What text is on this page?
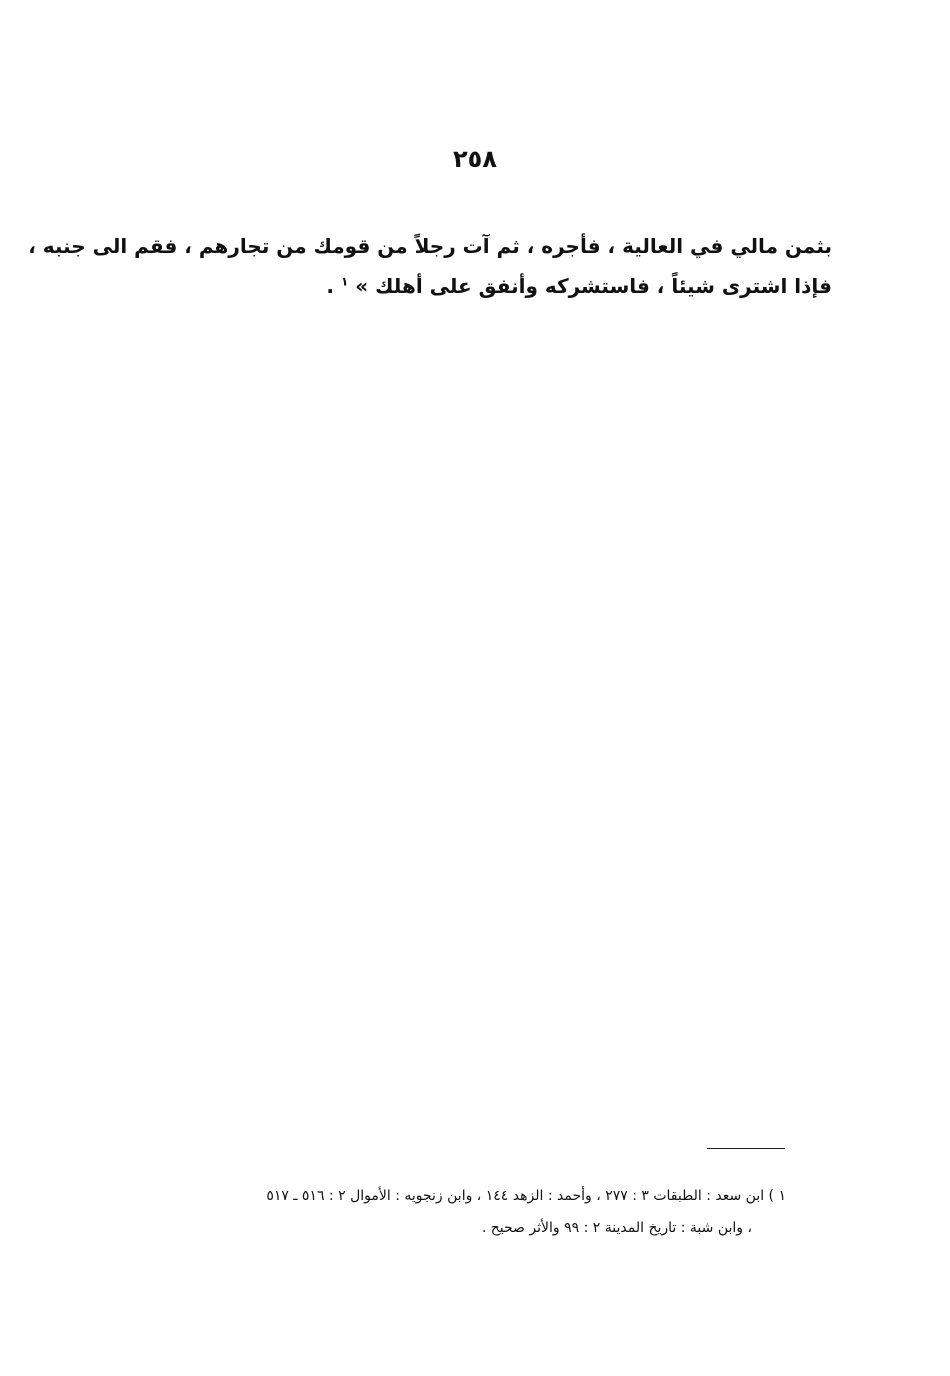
٢٥٨
بثمن مالي في العالية ، فأجره ، ثم آت رجلاً من قومك من تجارهم ، فقم الى جنبه ،
فإذا اشترى شيئاً ، فاستشركه وأنفق على أهلك » $^١$ .
١ ) ابن سعد : الطبقات ٣ : ٢٧٧ ، وأحمد : الزهد ١٤٤ ، وابن زنجويه : الأموال ٢ : ٥١٦ ـ ٥١٧
، وابن شبة : تاريخ المدينة ٢ : ٩٩ والأثر صحيح .
